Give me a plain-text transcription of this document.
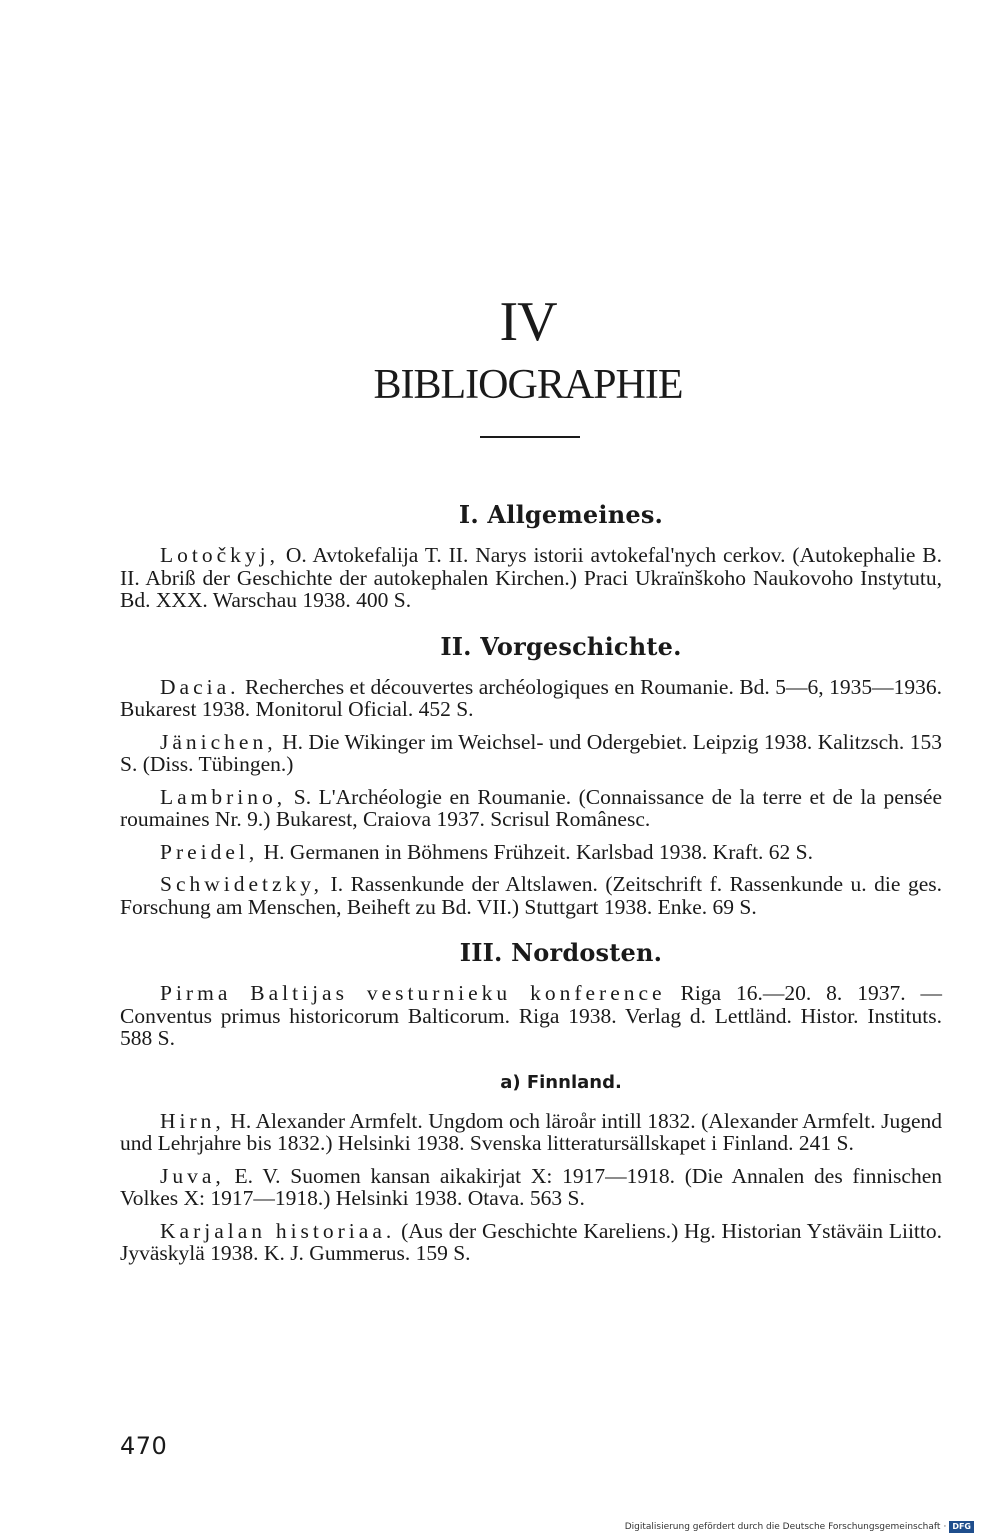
IV
BIBLIOGRAPHIE
I. Allgemeines.

Lotočkyj, O. Avtokefalija T. II. Narys istorii avtokefal'nych cerkov. (Autokephalie B. II. Abriß der Geschichte der autokephalen Kirchen.) Praci Ukraïnškoho Naukovoho Instytutu, Bd. XXX. Warschau 1938. 400 S.

II. Vorgeschichte.

Dacia. Recherches et découvertes archéologiques en Roumanie. Bd. 5—6, 1935—1936. Bukarest 1938. Monitorul Oficial. 452 S.

Jänichen, H. Die Wikinger im Weichsel- und Odergebiet. Leipzig 1938. Kalitzsch. 153 S. (Diss. Tübingen.)

Lambrino, S. L'Archéologie en Roumanie. (Connaissance de la terre et de la pensée roumaines Nr. 9.) Bukarest, Craiova 1937. Scrisul Românesc.

Preidel, H. Germanen in Böhmens Frühzeit. Karlsbad 1938. Kraft. 62 S.

Schwidetzky, I. Rassenkunde der Altslawen. (Zeitschrift f. Rassenkunde u. die ges. Forschung am Menschen, Beiheft zu Bd. VII.) Stuttgart 1938. Enke. 69 S.

III. Nordosten.

Pirma Baltijas vesturnieku konference Riga 16.—20. 8. 1937. — Conventus primus historicorum Balticorum. Riga 1938. Verlag d. Lettländ. Histor. Instituts. 588 S.

a) Finnland.

Hirn, H. Alexander Armfelt. Ungdom och läroår intill 1832. (Alexander Armfelt. Jugend und Lehrjahre bis 1832.) Helsinki 1938. Svenska litteratursällskapet i Finland. 241 S.

Juva, E. V. Suomen kansan aikakirjat X: 1917—1918. (Die Annalen des finnischen Volkes X: 1917—1918.) Helsinki 1938. Otava. 563 S.

Karjalan historiaa. (Aus der Geschichte Kareliens.) Hg. Historian Ystäväin Liitto. Jyväskylä 1938. K. J. Gummerus. 159 S.

470
Digitalisierung gefördert durch die Deutsche Forschungsgemeinschaft · DFG
